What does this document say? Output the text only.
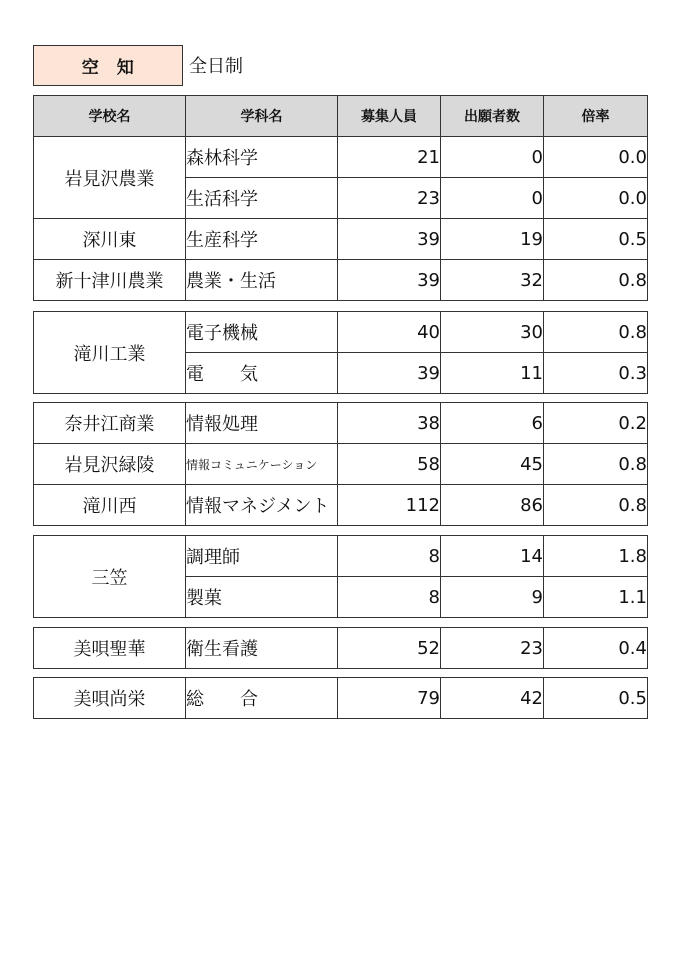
空　知	全日制
学校名	学科名	募集人員	出願者数	倍率
岩見沢農業	森林科学	21	0	0.0
	生活科学	23	0	0.0
深川東	生産科学	39	19	0.5
新十津川農業	農業・生活	39	32	0.8
滝川工業	電子機械	40	30	0.8
	電　　気	39	11	0.3
奈井江商業	情報処理	38	6	0.2
岩見沢緑陵	情報コミュニケーション	58	45	0.8
滝川西	情報マネジメント	112	86	0.8
三笠	調理師	8	14	1.8
	製菓	8	9	1.1
美唄聖華	衛生看護	52	23	0.4
美唄尚栄	総　　合	79	42	0.5
